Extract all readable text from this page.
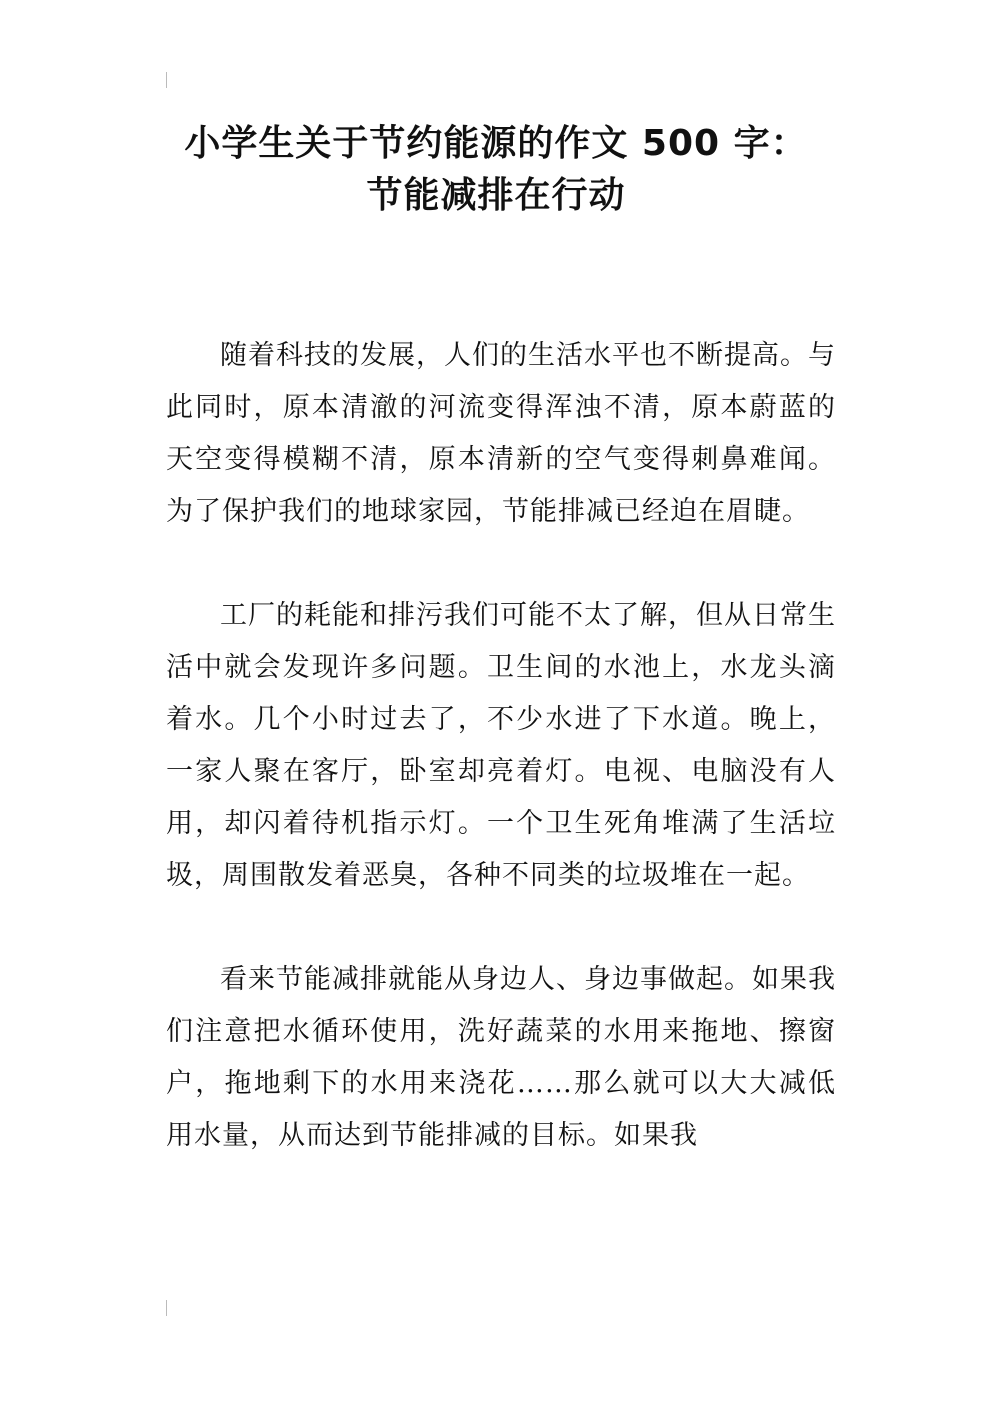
小学生关于节约能源的作文 500 字：
节能减排在行动

随着科技的发展，人们的生活水平也不断提高。与此同时，原本清澈的河流变得浑浊不清，原本蔚蓝的天空变得模糊不清，原本清新的空气变得刺鼻难闻。为了保护我们的地球家园，节能排减已经迫在眉睫。

工厂的耗能和排污我们可能不太了解，但从日常生活中就会发现许多问题。卫生间的水池上，水龙头滴着水。几个小时过去了，不少水进了下水道。晚上，一家人聚在客厅，卧室却亮着灯。电视、电脑没有人用，却闪着待机指示灯。一个卫生死角堆满了生活垃圾，周围散发着恶臭，各种不同类的垃圾堆在一起。

看来节能减排就能从身边人、身边事做起。如果我们注意把水循环使用，洗好蔬菜的水用来拖地、擦窗户，拖地剩下的水用来浇花……那么就可以大大减低用水量，从而达到节能排减的目标。如果我
